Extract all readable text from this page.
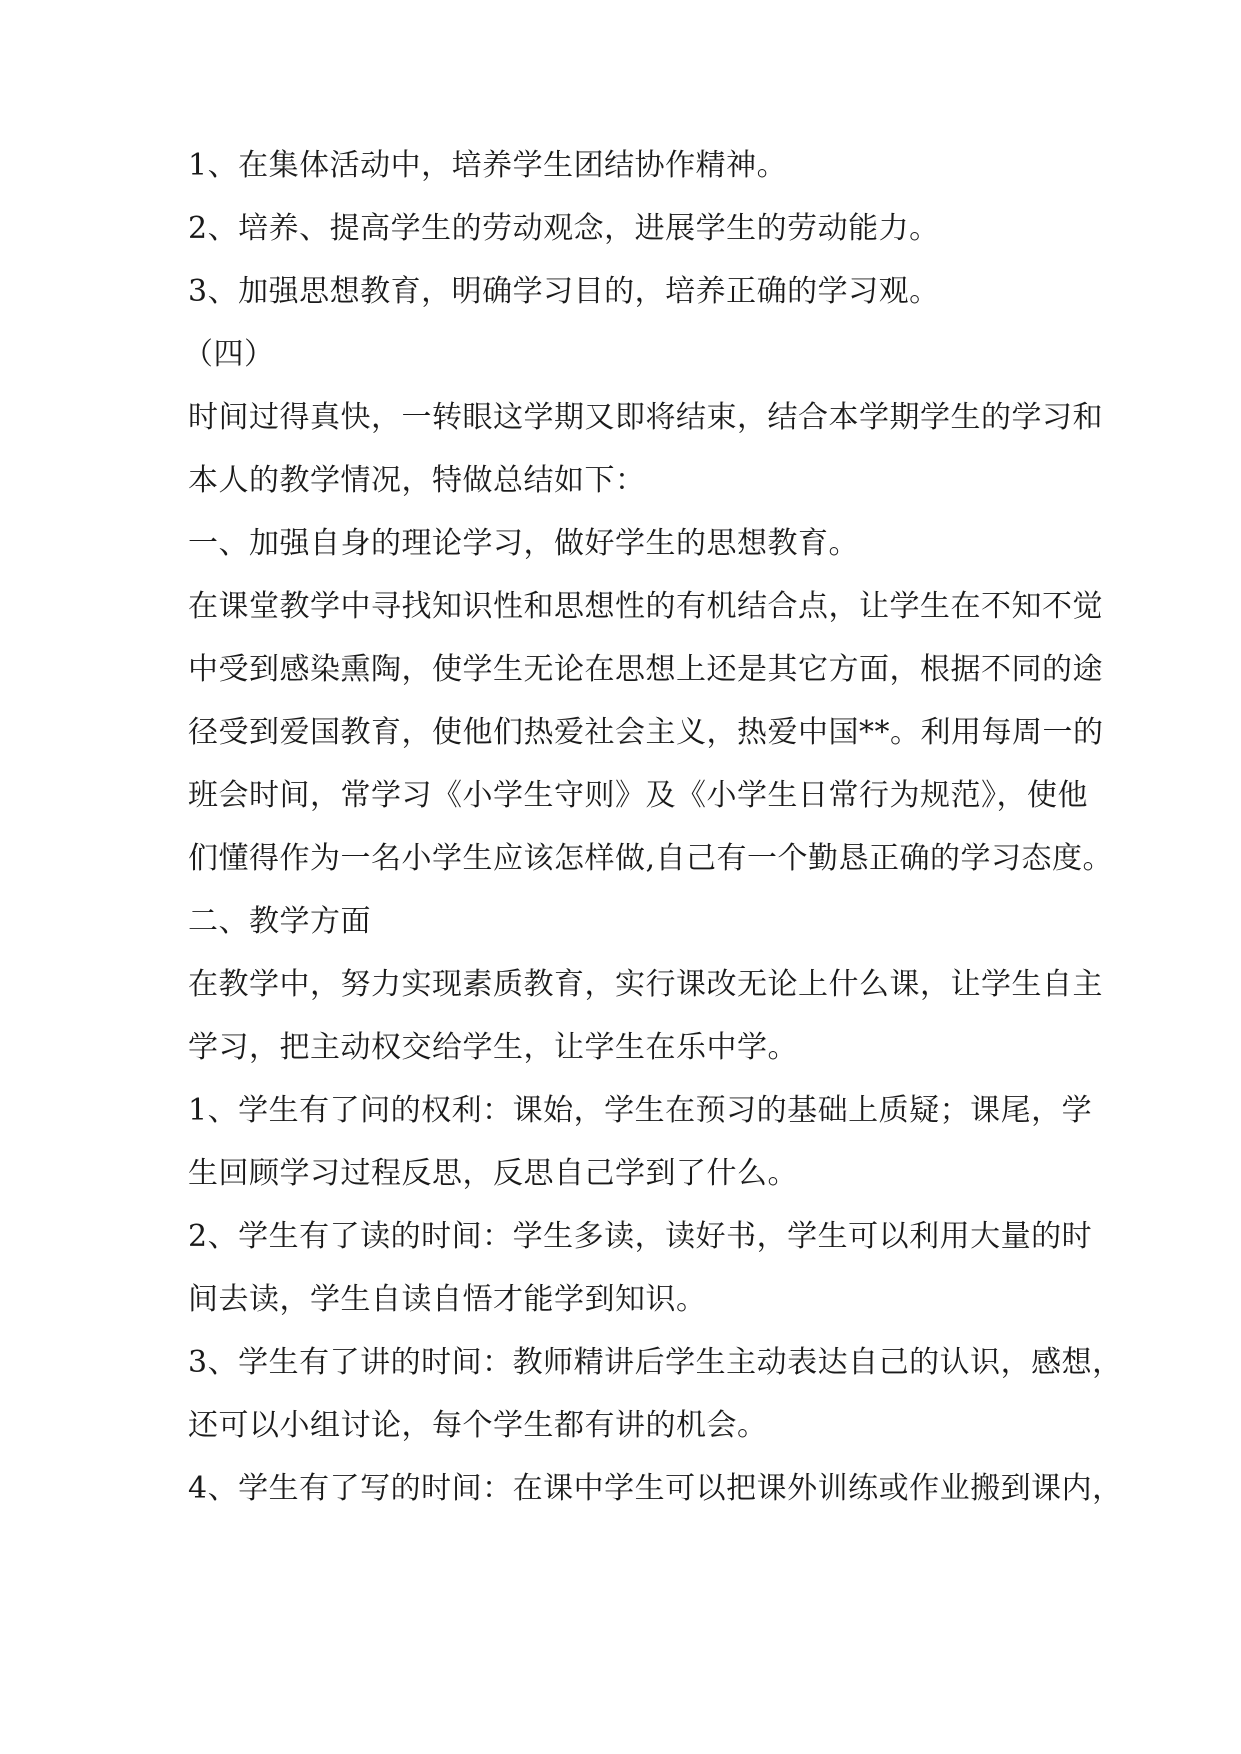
1、在集体活动中，培养学生团结协作精神。
2、培养、提高学生的劳动观念，进展学生的劳动能力。
3、加强思想教育，明确学习目的，培养正确的学习观。
（四）
时间过得真快，一转眼这学期又即将结束，结合本学期学生的学习和
本人的教学情况，特做总结如下：
一、加强自身的理论学习，做好学生的思想教育。
在课堂教学中寻找知识性和思想性的有机结合点，让学生在不知不觉
中受到感染熏陶，使学生无论在思想上还是其它方面，根据不同的途
径受到爱国教育，使他们热爱社会主义，热爱中国**。利用每周一的
班会时间，常学习《小学生守则》及《小学生日常行为规范》，使他
们懂得作为一名小学生应该怎样做,自己有一个勤恳正确的学习态度。
二、教学方面
在教学中，努力实现素质教育，实行课改无论上什么课，让学生自主
学习，把主动权交给学生，让学生在乐中学。
1、学生有了问的权利：课始，学生在预习的基础上质疑；课尾，学
生回顾学习过程反思，反思自己学到了什么。
2、学生有了读的时间：学生多读，读好书，学生可以利用大量的时
间去读，学生自读自悟才能学到知识。
3、学生有了讲的时间：教师精讲后学生主动表达自己的认识，感想，
还可以小组讨论，每个学生都有讲的机会。
4、学生有了写的时间：在课中学生可以把课外训练或作业搬到课内，
